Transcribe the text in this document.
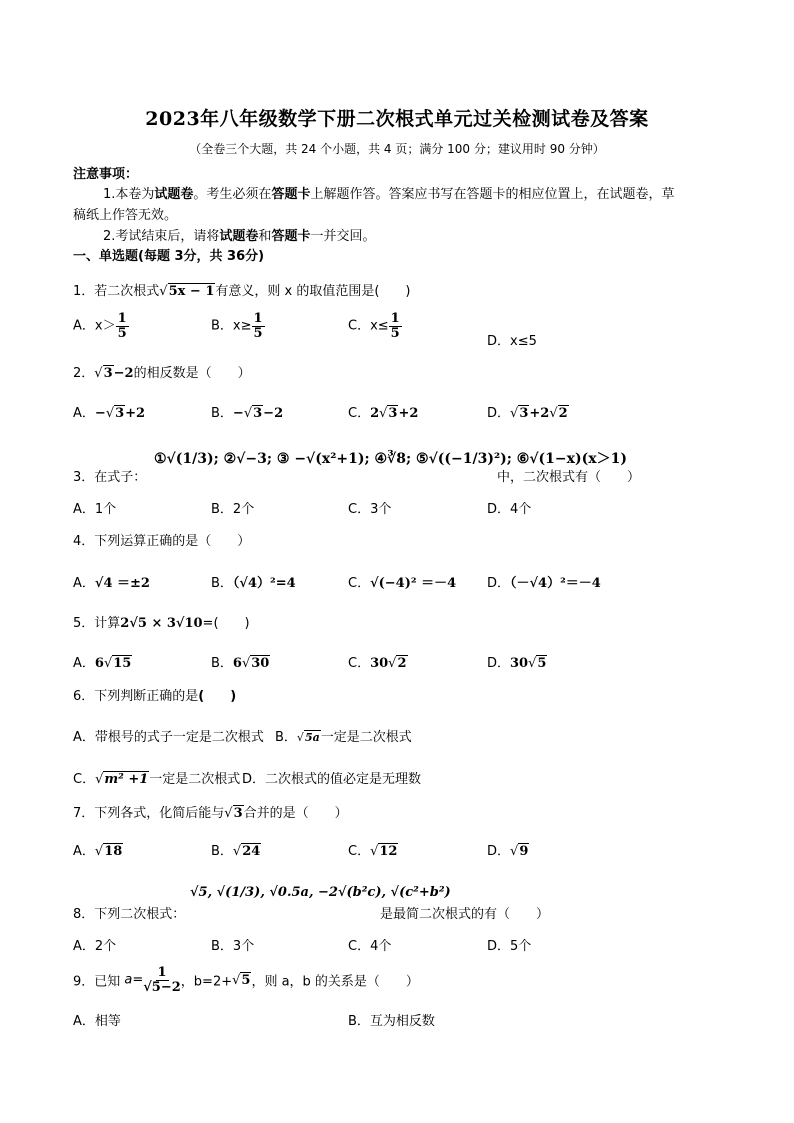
2023年八年级数学下册二次根式单元过关检测试卷及答案
（全卷三个大题，共 24 个小题，共 4 页；满分 100 分；建议用时 90 分钟）
注意事项：
1.本卷为试题卷。考生必须在答题卡上解题作答。答案应书写在答题卡的相应位置上，在试题卷，草
稿纸上作答无效。
2.考试结束后，请将试题卷和答题卡一并交回。
一、单选题(每题 3分，共 36分)
1．若二次根式√5x − 1有意义，则 x 的取值范围是(　　)
A．$x> \frac{1}{5}$	B．$x\ge \frac{1}{5}$	C．$x\le \frac{1}{5}$
D．x≤5
2．√3−2的相反数是（　　）
A．−√3+2	B．−√3−2	C．2√3+2	D．√3+2√2
3．在式子：
①√(1/3); ②√−3; ③ −√(x²+1); ④∛8; ⑤√((−1/3)²); ⑥√(1−x)(x＞1)
中，二次根式有（　　）
A．1个	B．2个	C．3个	D．4个
4．下列运算正确的是（　　）
A．√4 ＝±2	B．（√4）²=4	C．√(−4)² ＝－4 D．（－√4）²＝－4
5．计算2√5 × 3√10=(　　)
A．6√15	B．6√30	C．30√2	D．30√5
6．下列判断正确的是(　　)
A．带根号的式子一定是二次根式 B．√5a一定是二次根式
C．√m² +1一定是二次根式 D．二次根式的值必定是无理数
7．下列各式，化简后能与√3合并的是（　　）
A．√18	B．√24	C．√12	D．√9
8．下列二次根式：
√5, √(1/3), √0.5a, −2√(b²c), √(c²+b²)
是最简二次根式的有（　　）
A．2个	B．3个	C．4个	D．5个
9．已知 $a= \frac{1}{√5-2}$ ，b=2+√5，则 a，b 的关系是（　　）
A．相等	B．互为相反数
